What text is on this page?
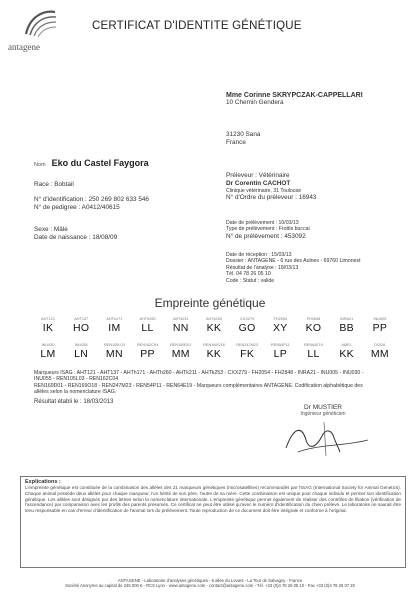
antagene
CERTIFICAT D'IDENTITE GÉNÉTIQUE
Mme Corinne SKRYPCZAK-CAPPELLARI
10 Chemin Gendera
31230 Sana
France
Nom Eko du Castel Faygora
Race : Bobtail
N° d'identification : 250 269 802 633 546
N° de pedigree : A0412/40615
Sexe : Mâle
Date de naissance : 18/08/09
Préleveur : Vétérinaire
Dr Corentin CACHOT
Clinique vétérinaire, 31 Toulouse
N° d'Ordre du préleveur : 16943
Date de prélèvement : 10/03/13
Type de prélèvement : Frottis buccal
N° de prélèvement : 453092
Date de réception : 15/03/13
Dossier : ANTAGENE - 6 rue des Aulnes - 69760 Limonest
Résultat de l'analyse : 18/03/13
Tél. 04 78 26 05 10
Code : Statut : valide
Empreinte génétique
AHT121
IK
AHT137
HO
AHTh171
IM
AHTh260
LL
AHTk211
NN
AHTk253
KK
CXX279
GO
FH2054
XY
FH2848
KO
INRA21
BB
INU005
PP
INU030
LM
INU055
LN
REN105L03
MN
REN162C04
PP
REN169D01
MM
REN169O18
KK
REN247M23
FK
REN54P11
LP
REN64E19
LL
AMEL
KK
DOGA
MM
Marqueurs ISAG : AHT121 - AHT137 - AHTh171 - AHTh260 - AHTk211 - AHTk253 - CXX279 - FH2054 - FH2848 - INRA21 - INU005 - INU030 - INU055 - REN105L03 - REN162C04
REN169D01 - REN169O18 - REN247M23 - REN54P11 - REN64E19 - Marqueurs complémentaires ANTAGENE. Codification alphabétique des allèles selon la nomenclature ISAG.
Résultat établi le : 18/03/2013
Dr MUSTIER
Ingénieur généticien
Explications :
L'empreinte génétique est constituée de la combinaison des allèles des 21 marqueurs génétiques (microsatellites) recommandés par l'ISAG (International Society for Animal Genetics). Chaque animal possède deux allèles pour chaque marqueur, l'un hérité de son père, l'autre de sa mère. Cette combinaison est unique pour chaque individu et permet son identification génétique. Les allèles sont désignés par des lettres selon la nomenclature internationale. L'empreinte génétique permet également de réaliser des contrôles de filiation (vérification de l'ascendance) par comparaison avec les profils des parents présumés. Ce certificat ne peut être utilisé qu'avec le numéro d'identification du chien prélevé. Le laboratoire ne saurait être tenu responsable en cas d'erreur d'identification de l'animal lors du prélèvement. Toute reproduction de ce document doit être intégrale et conforme à l'original.
ANTAGENE - Laboratoire d'analyses génétiques - 6 allée du Levant - La Tour de Salvagny - France
Société Anonyme au capital de 245 000 € - RCS Lyon - www.antagene.com - contact@antagene.com - Tél. +33 (0)4 78 26 05 10 - Fax +33 (0)4 78 26 07 20
